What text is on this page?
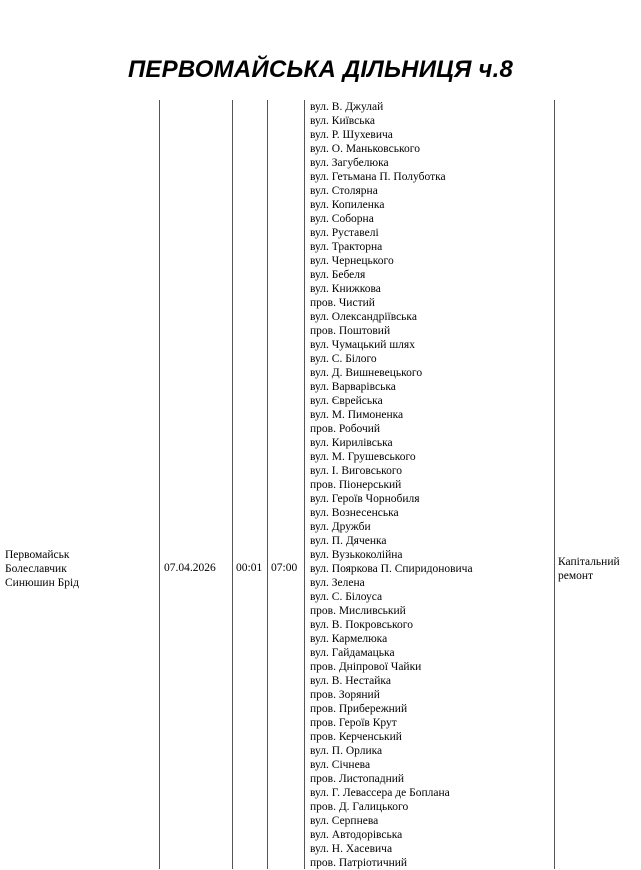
ПЕРВОМАЙСЬКА ДІЛЬНИЦЯ ч.8
Первомайськ
Болеславчик
Синюшин Брід
07.04.2026 00:01 07:00
вул. В. Джулай
вул. Київська
вул. Р. Шухевича
вул. О. Маньковського
вул. Загубелюка
вул. Гетьмана П. Полуботка
вул. Столярна
вул. Копиленка
вул. Соборна
вул. Руставелі
вул. Тракторна
вул. Чернецького
вул. Бебеля
вул. Книжкова
пров. Чистий
вул. Олександріївська
пров. Поштовий
вул. Чумацький шлях
вул. С. Білого
вул. Д. Вишневецького
вул. Варварівська
вул. Єврейська
вул. М. Пимоненка
пров. Робочий
вул. Кирилівська
вул. М. Грушевського
вул. І. Виговського
пров. Піонерський
вул. Героїв Чорнобиля
вул. Вознесенська
вул. Дружби
вул. П. Дяченка
вул. Вузькоколійна
вул. Пояркова П. Спиридоновича
вул. Зелена
вул. С. Білоуса
пров. Мисливський
вул. В. Покровського
вул. Кармелюка
вул. Гайдамацька
пров. Дніпрової Чайки
вул. В. Нестайка
пров. Зоряний
пров. Прибережний
пров. Героїв Крут
пров. Керченський
вул. П. Орлика
вул. Січнева
пров. Листопадний
вул. Г. Левассера де Боплана
пров. Д. Галицького
вул. Серпнева
вул. Автодорівська
вул. Н. Хасевича
пров. Патріотичний
Капітальний
ремонт
